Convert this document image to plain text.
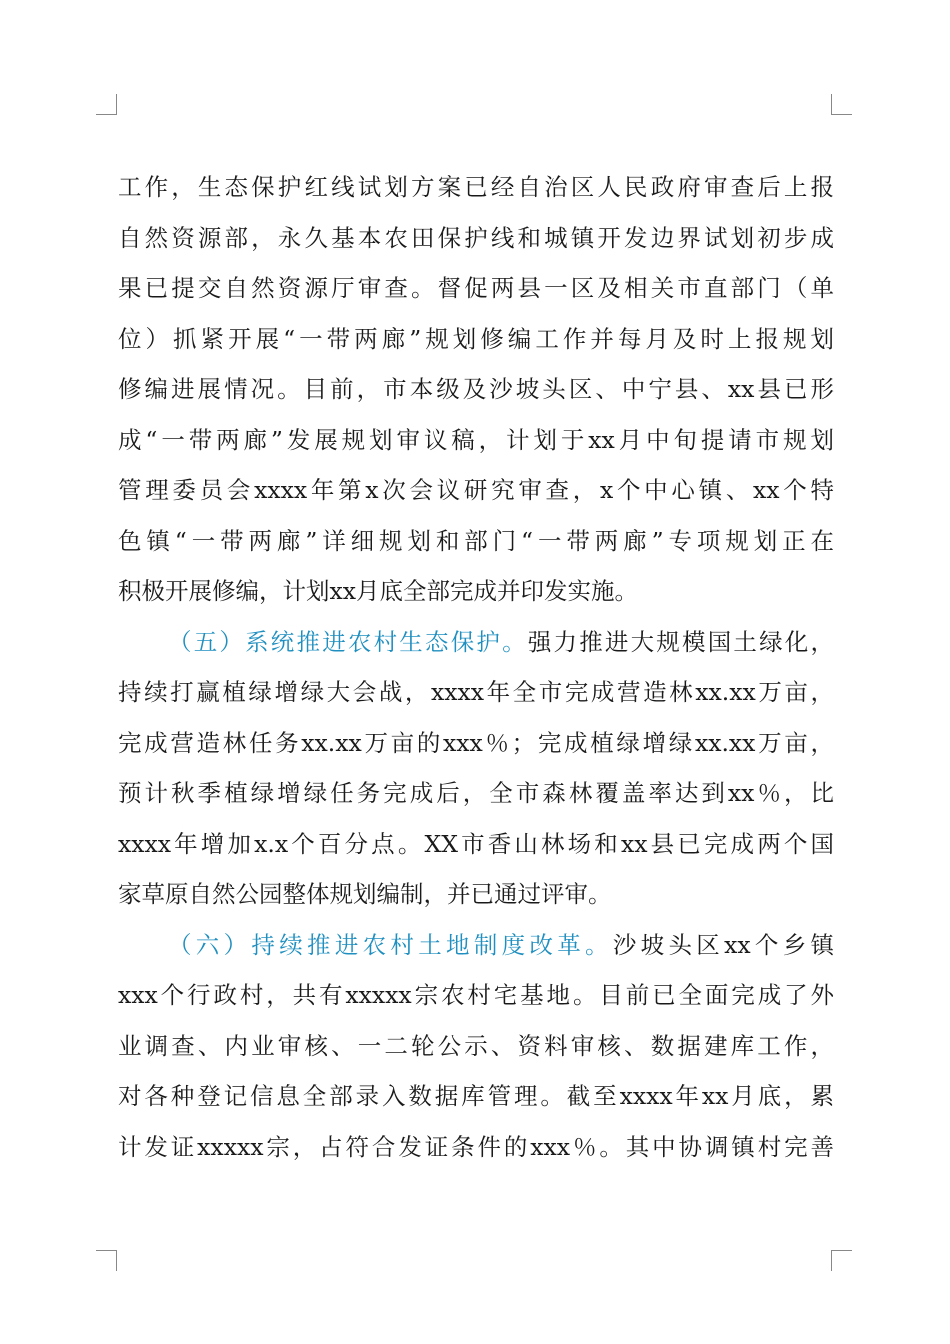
工作，生态保护红线试划方案已经自治区人民政府审查后上报
自然资源部，永久基本农田保护线和城镇开发边界试划初步成
果已提交自然资源厅审查。督促两县一区及相关市直部门（单
位）抓紧开展“一带两廊”规划修编工作并每月及时上报规划
修编进展情况。目前，市本级及沙坡头区、中宁县、xx县已形
成“一带两廊”发展规划审议稿，计划于xx月中旬提请市规划
管理委员会xxxx年第x次会议研究审查，x个中心镇、xx个特
色镇“一带两廊”详细规划和部门“一带两廊”专项规划正在
积极开展修编，计划xx月底全部完成并印发实施。
（五）系统推进农村生态保护。强力推进大规模国土绿化，
持续打赢植绿增绿大会战，xxxx年全市完成营造林xx.xx万亩，
完成营造林任务xx.xx万亩的xxx％；完成植绿增绿xx.xx万亩，
预计秋季植绿增绿任务完成后，全市森林覆盖率达到xx％，比
xxxx年增加x.x个百分点。XX市香山林场和xx县已完成两个国
家草原自然公园整体规划编制，并已通过评审。
（六）持续推进农村土地制度改革。沙坡头区xx个乡镇
xxx个行政村，共有xxxxx宗农村宅基地。目前已全面完成了外
业调查、内业审核、一二轮公示、资料审核、数据建库工作，
对各种登记信息全部录入数据库管理。截至xxxx年xx月底，累
计发证xxxxx宗，占符合发证条件的xxx％。其中协调镇村完善
